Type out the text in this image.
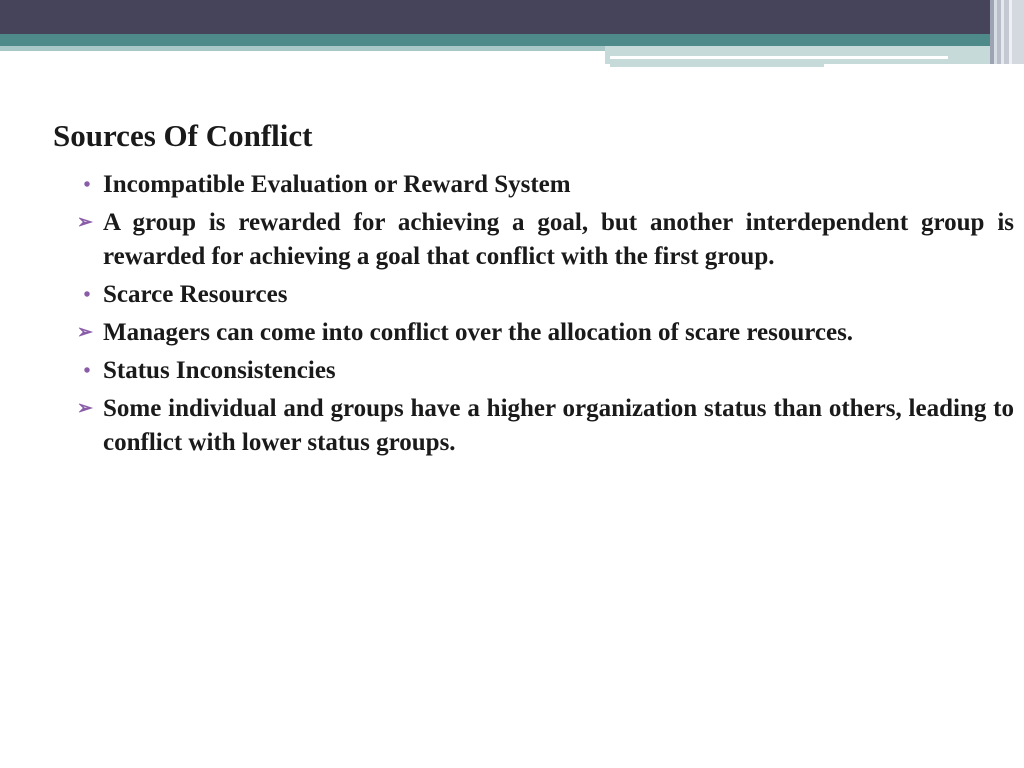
Sources Of Conflict
• Incompatible Evaluation or Reward System
➢ A group is rewarded for achieving a goal, but another interdependent group is rewarded for achieving a goal that conflict with the first group.
• Scarce Resources
➢ Managers can come into conflict over the allocation of scare resources.
• Status Inconsistencies
➢ Some individual and groups have a higher organization status than others, leading to conflict with lower status groups.
